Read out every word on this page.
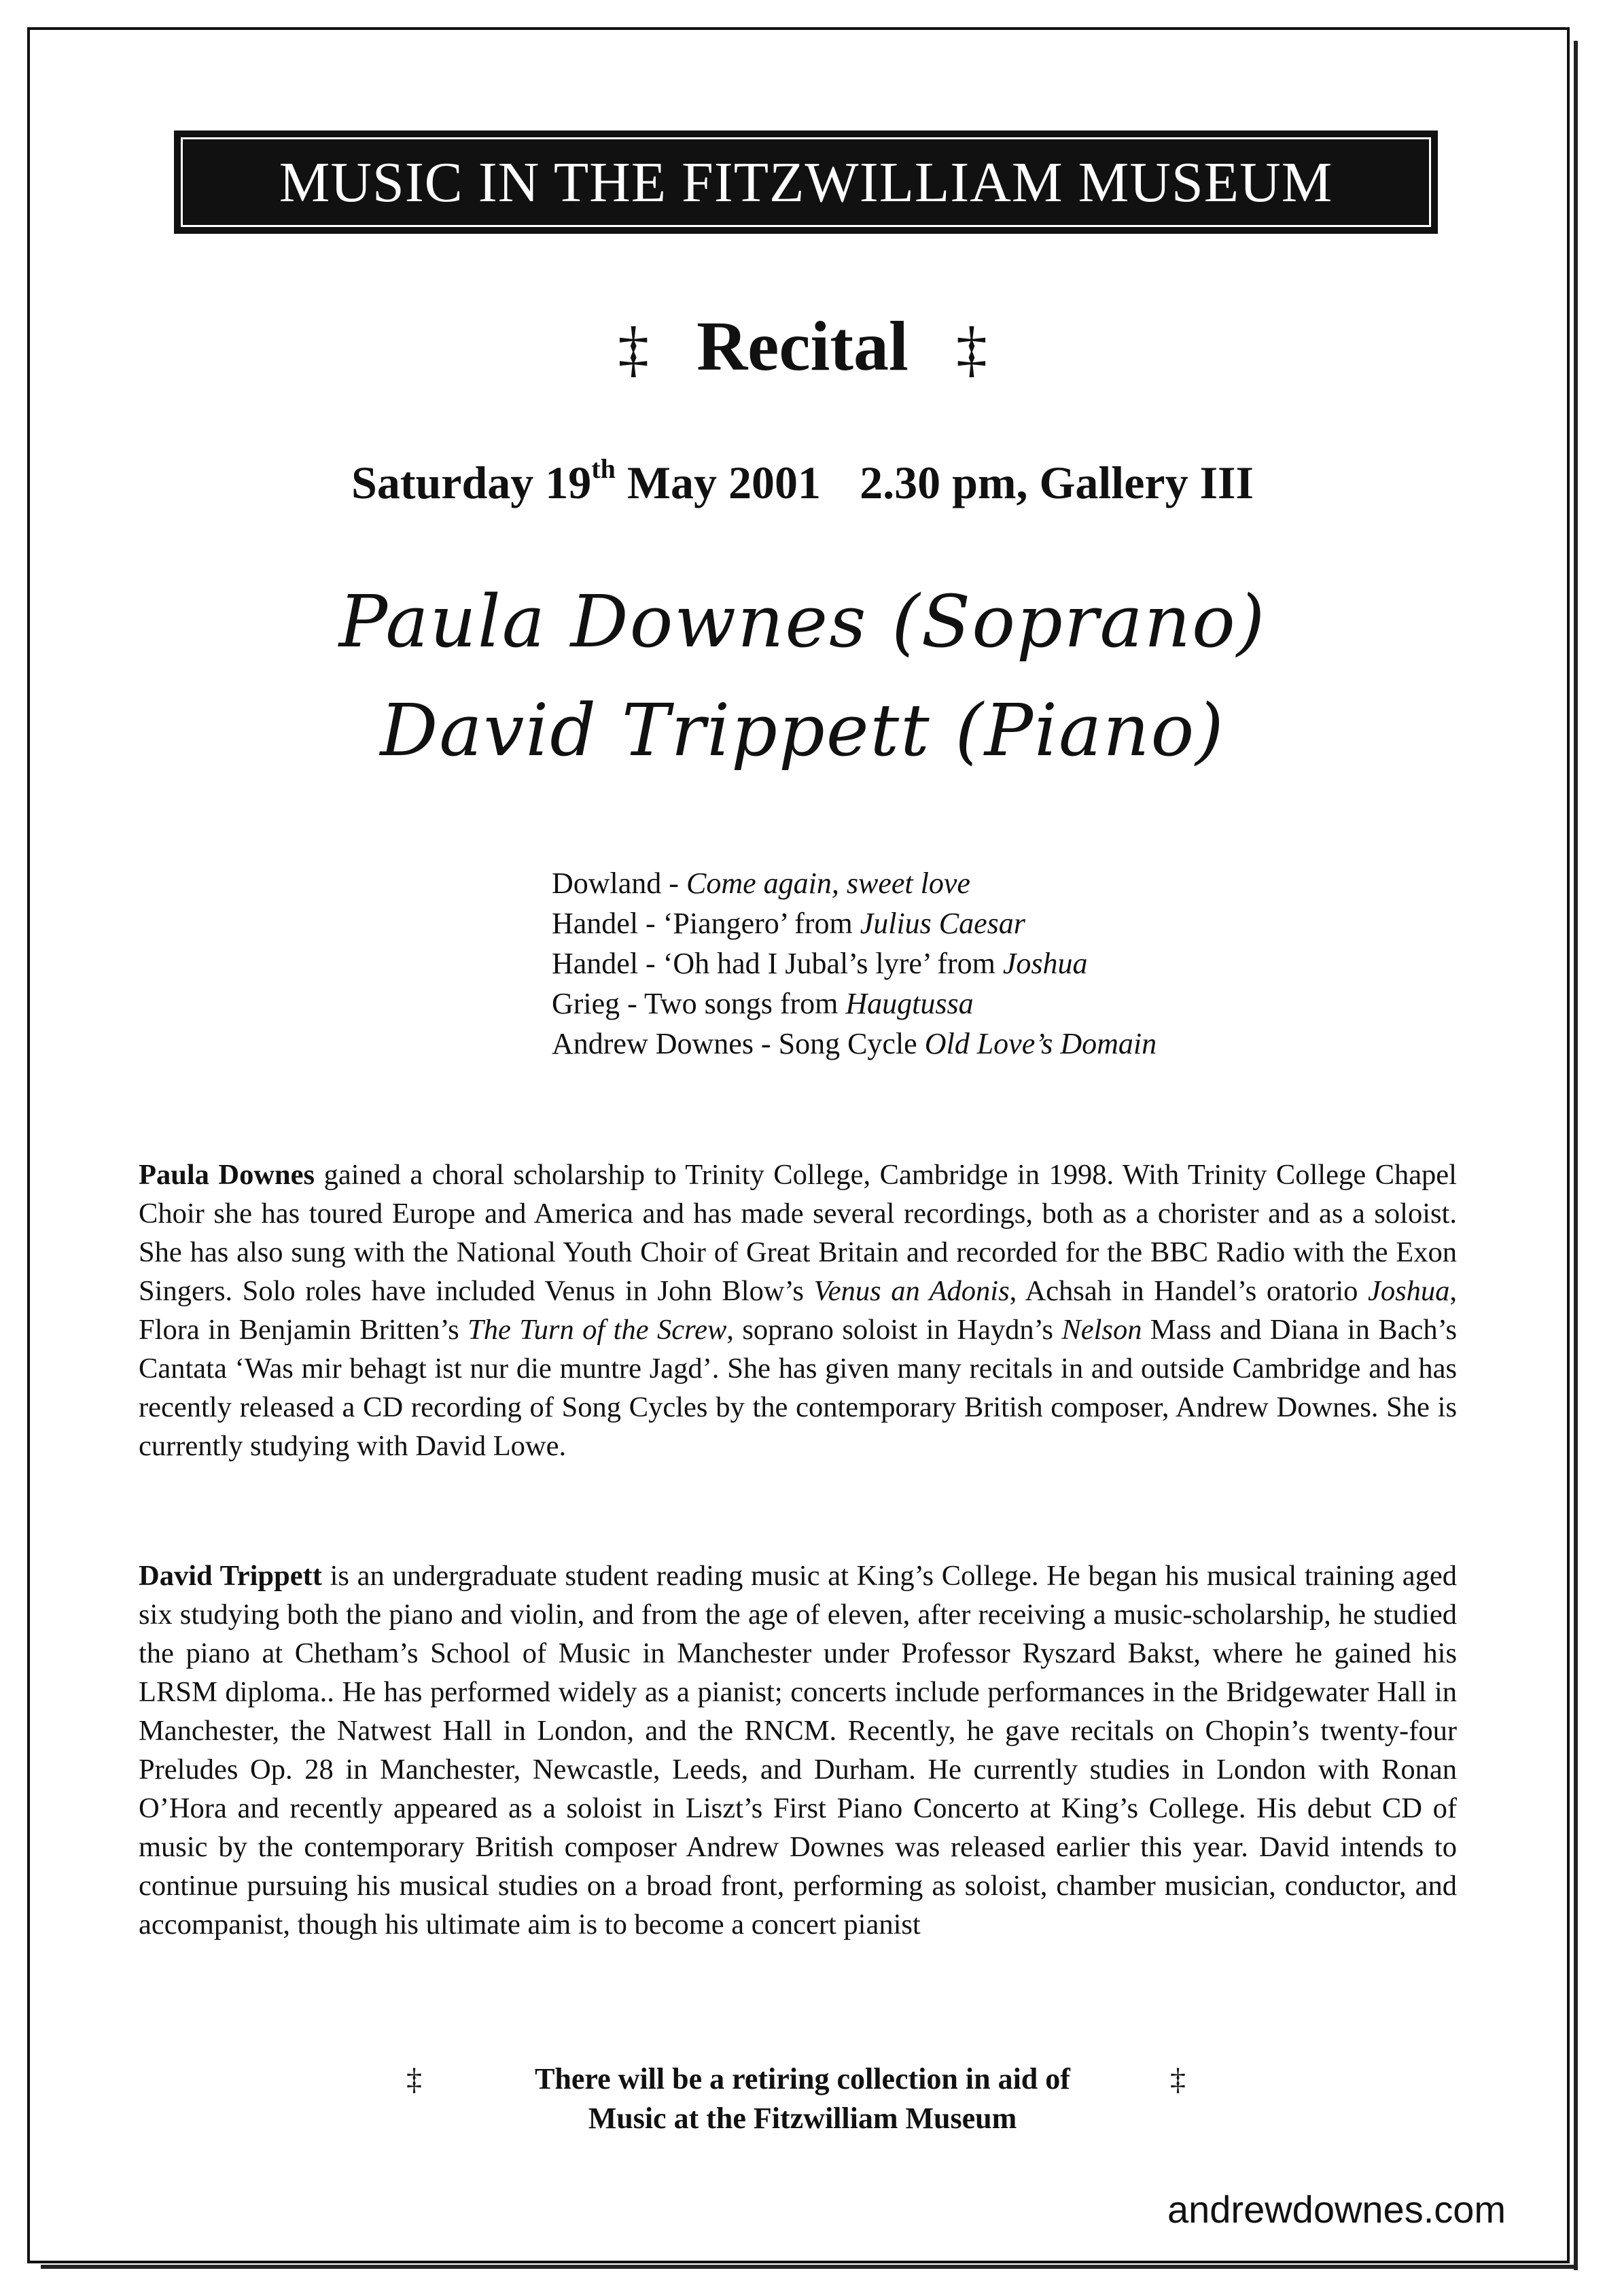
MUSIC IN THE FITZWILLIAM MUSEUM
‡ Recital ‡
Saturday 19th May 2001 2.30 pm, Gallery III
Paula Downes (Soprano)
David Trippett (Piano)
Dowland - Come again, sweet love
Handel - ‘Piangero’ from Julius Caesar
Handel - ‘Oh had I Jubal’s lyre’ from Joshua
Grieg - Two songs from Haugtussa
Andrew Downes - Song Cycle Old Love’s Domain
Paula Downes gained a choral scholarship to Trinity College, Cambridge in 1998. With Trinity College Chapel Choir she has toured Europe and America and has made several recordings, both as a chorister and as a soloist. She has also sung with the National Youth Choir of Great Britain and recorded for the BBC Radio with the Exon Singers. Solo roles have included Venus in John Blow’s Venus an Adonis, Achsah in Handel’s oratorio Joshua, Flora in Benjamin Britten’s The Turn of the Screw, soprano soloist in Haydn’s Nelson Mass and Diana in Bach’s Cantata ‘Was mir behagt ist nur die muntre Jagd’. She has given many recitals in and outside Cambridge and has recently released a CD recording of Song Cycles by the contemporary British composer, Andrew Downes. She is currently studying with David Lowe.
David Trippett is an undergraduate student reading music at King’s College. He began his musical training aged six studying both the piano and violin, and from the age of eleven, after receiving a music-scholarship, he studied the piano at Chetham’s School of Music in Manchester under Professor Ryszard Bakst, where he gained his LRSM diploma.. He has performed widely as a pianist; concerts include performances in the Bridgewater Hall in Manchester, the Natwest Hall in London, and the RNCM. Recently, he gave recitals on Chopin’s twenty-four Preludes Op. 28 in Manchester, Newcastle, Leeds, and Durham. He currently studies in London with Ronan O’Hora and recently appeared as a soloist in Liszt’s First Piano Concerto at King’s College. His debut CD of music by the contemporary British composer Andrew Downes was released earlier this year. David intends to continue pursuing his musical studies on a broad front, performing as soloist, chamber musician, conductor, and accompanist, though his ultimate aim is to become a concert pianist
‡	There will be a retiring collection in aid of
Music at the Fitzwilliam Museum
‡
andrewdownes.com
